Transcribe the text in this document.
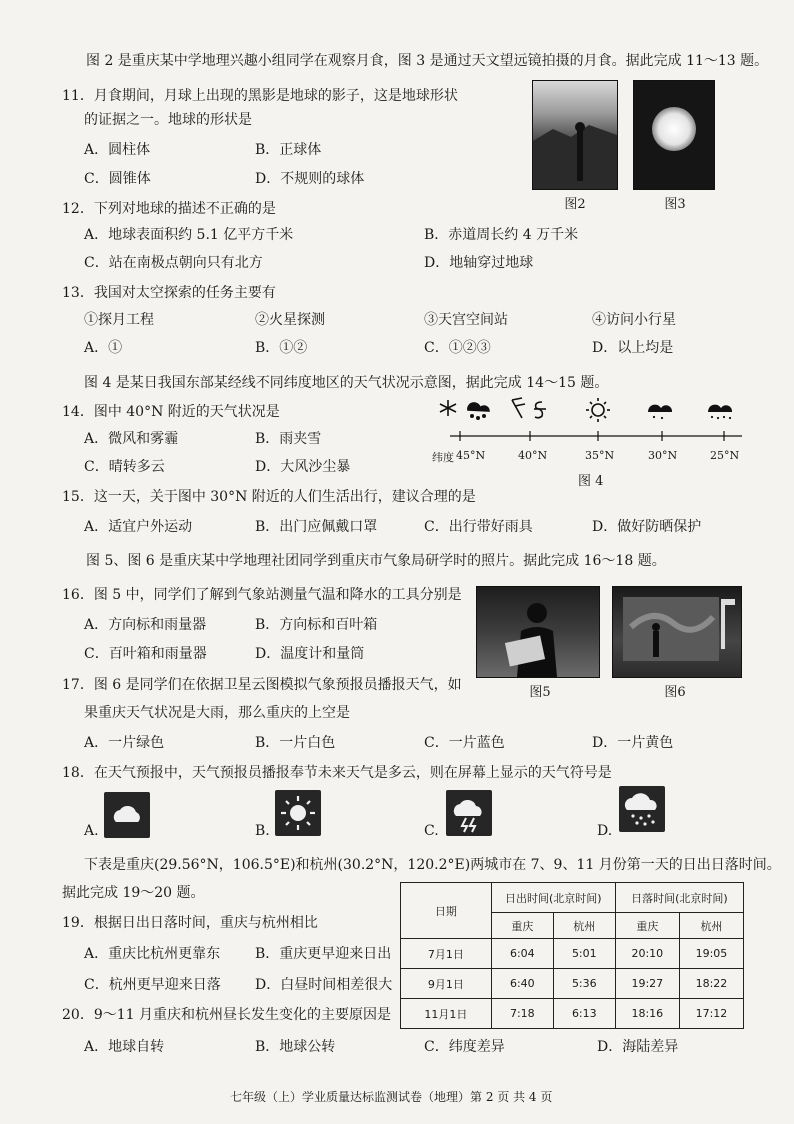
图 2 是重庆某中学地理兴趣小组同学在观察月食，图 3 是通过天文望远镜拍摄的月食。据此完成 11～13 题。
11．月食期间，月球上出现的黑影是地球的影子，这是地球形状
的证据之一。地球的形状是
A．圆柱体	B．正球体
C．圆锥体	D．不规则的球体
图2	图3
12．下列对地球的描述不正确的是
A．地球表面积约 5.1 亿平方千米	B．赤道周长约 4 万千米
C．站在南极点朝向只有北方	D．地轴穿过地球
13．我国对太空探索的任务主要有
①探月工程	②火星探测	③天宫空间站	④访问小行星
A．①	B．①②	C．①②③	D．以上均是
图 4 是某日我国东部某经线不同纬度地区的天气状况示意图，据此完成 14～15 题。
14．图中 40°N 附近的天气状况是
A．微风和雾霾	B．雨夹雪
C．晴转多云	D．大风沙尘暴
纬度 45°N	40°N	35°N	30°N	25°N
图 4
15．这一天，关于图中 30°N 附近的人们生活出行，建议合理的是
A．适宜户外运动	B．出门应佩戴口罩	C．出行带好雨具	D．做好防晒保护
图 5、图 6 是重庆某中学地理社团同学到重庆市气象局研学时的照片。据此完成 16～18 题。
16．图 5 中，同学们了解到气象站测量气温和降水的工具分别是
A．方向标和雨量器	B．方向标和百叶箱
C．百叶箱和雨量器	D．温度计和量筒
图5	图6
17．图 6 是同学们在依据卫星云图模拟气象预报员播报天气，如
果重庆天气状况是大雨，那么重庆的上空是
A．一片绿色	B．一片白色	C．一片蓝色	D．一片黄色
18．在天气预报中，天气预报员播报奉节未来天气是多云，则在屏幕上显示的天气符号是
A.	B.	C.	D.
下表是重庆(29.56°N，106.5°E)和杭州(30.2°N，120.2°E)两城市在 7、9、11 月份第一天的日出日落时间。
据此完成 19～20 题。
日期	日出时间(北京时间)		日落时间(北京时间)	
	重庆	杭州	重庆	杭州
7月1日	6:04	5:01	20:10	19:05
9月1日	6:40	5:36	19:27	18:22
11月1日	7:18	6:13	18:16	17:12
19．根据日出日落时间，重庆与杭州相比
A．重庆比杭州更靠东 B．重庆更早迎来日出
C．杭州更早迎来日落 D．白昼时间相差很大
20．9～11 月重庆和杭州昼长发生变化的主要原因是
A．地球自转	B．地球公转	C．纬度差异	D．海陆差异
七年级（上）学业质量达标监测试卷（地理）第 2 页 共 4 页
